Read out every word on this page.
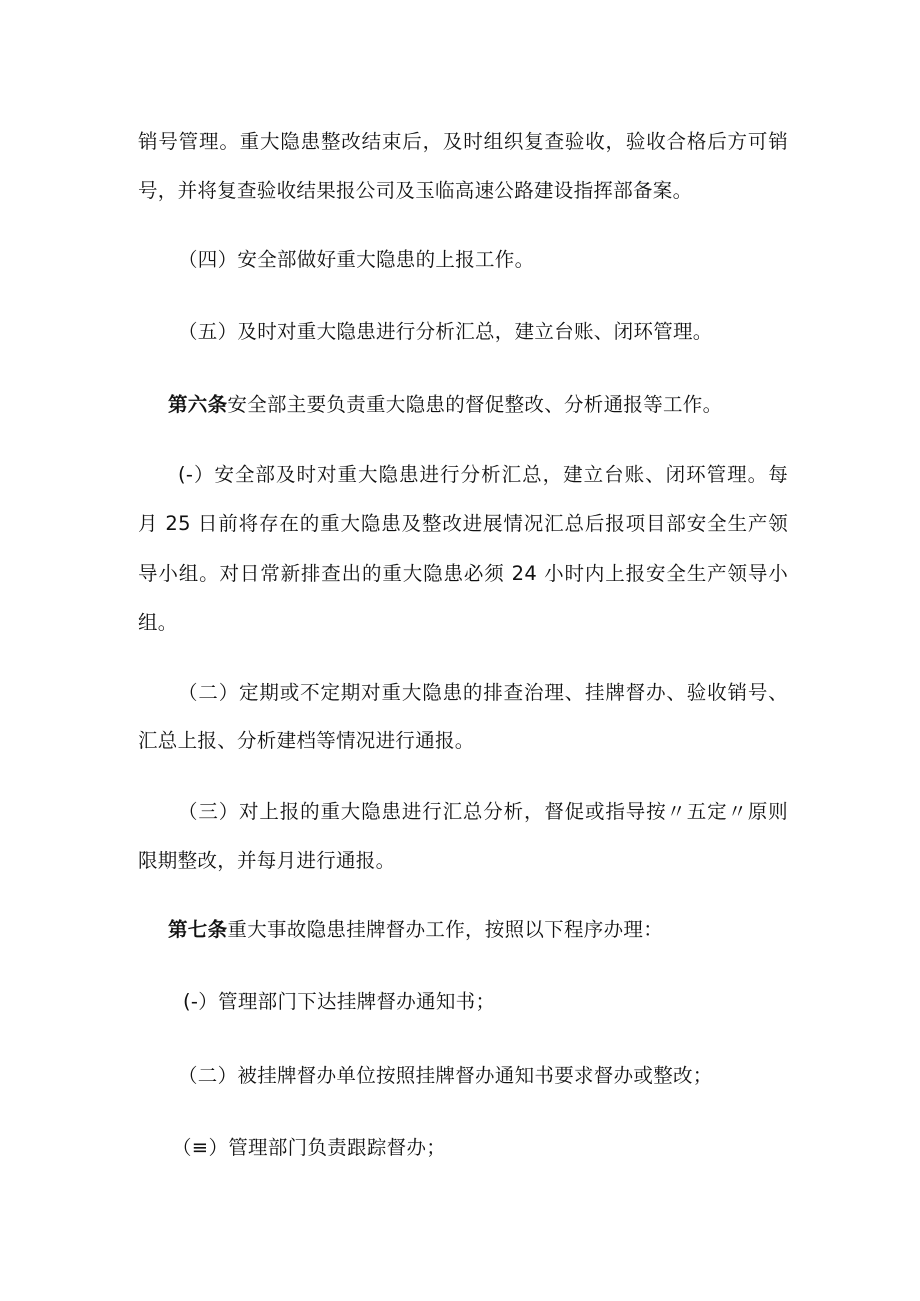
销号管理。重大隐患整改结束后，及时组织复查验收，验收合格后方可销
号，并将复查验收结果报公司及玉临高速公路建设指挥部备案。
（四）安全部做好重大隐患的上报工作。
（五）及时对重大隐患进行分析汇总，建立台账、闭环管理。
第六条安全部主要负责重大隐患的督促整改、分析通报等工作。
(-）安全部及时对重大隐患进行分析汇总，建立台账、闭环管理。每
月 25 日前将存在的重大隐患及整改进展情况汇总后报项目部安全生产领
导小组。对日常新排查出的重大隐患必须 24 小时内上报安全生产领导小
组。
（二）定期或不定期对重大隐患的排查治理、挂牌督办、验收销号、
汇总上报、分析建档等情况进行通报。
（三）对上报的重大隐患进行汇总分析，督促或指导按〃五定〃原则
限期整改，并每月进行通报。
第七条重大事故隐患挂牌督办工作，按照以下程序办理：
(-）管理部门下达挂牌督办通知书；
（二）被挂牌督办单位按照挂牌督办通知书要求督办或整改；
（≡）管理部门负责跟踪督办；
